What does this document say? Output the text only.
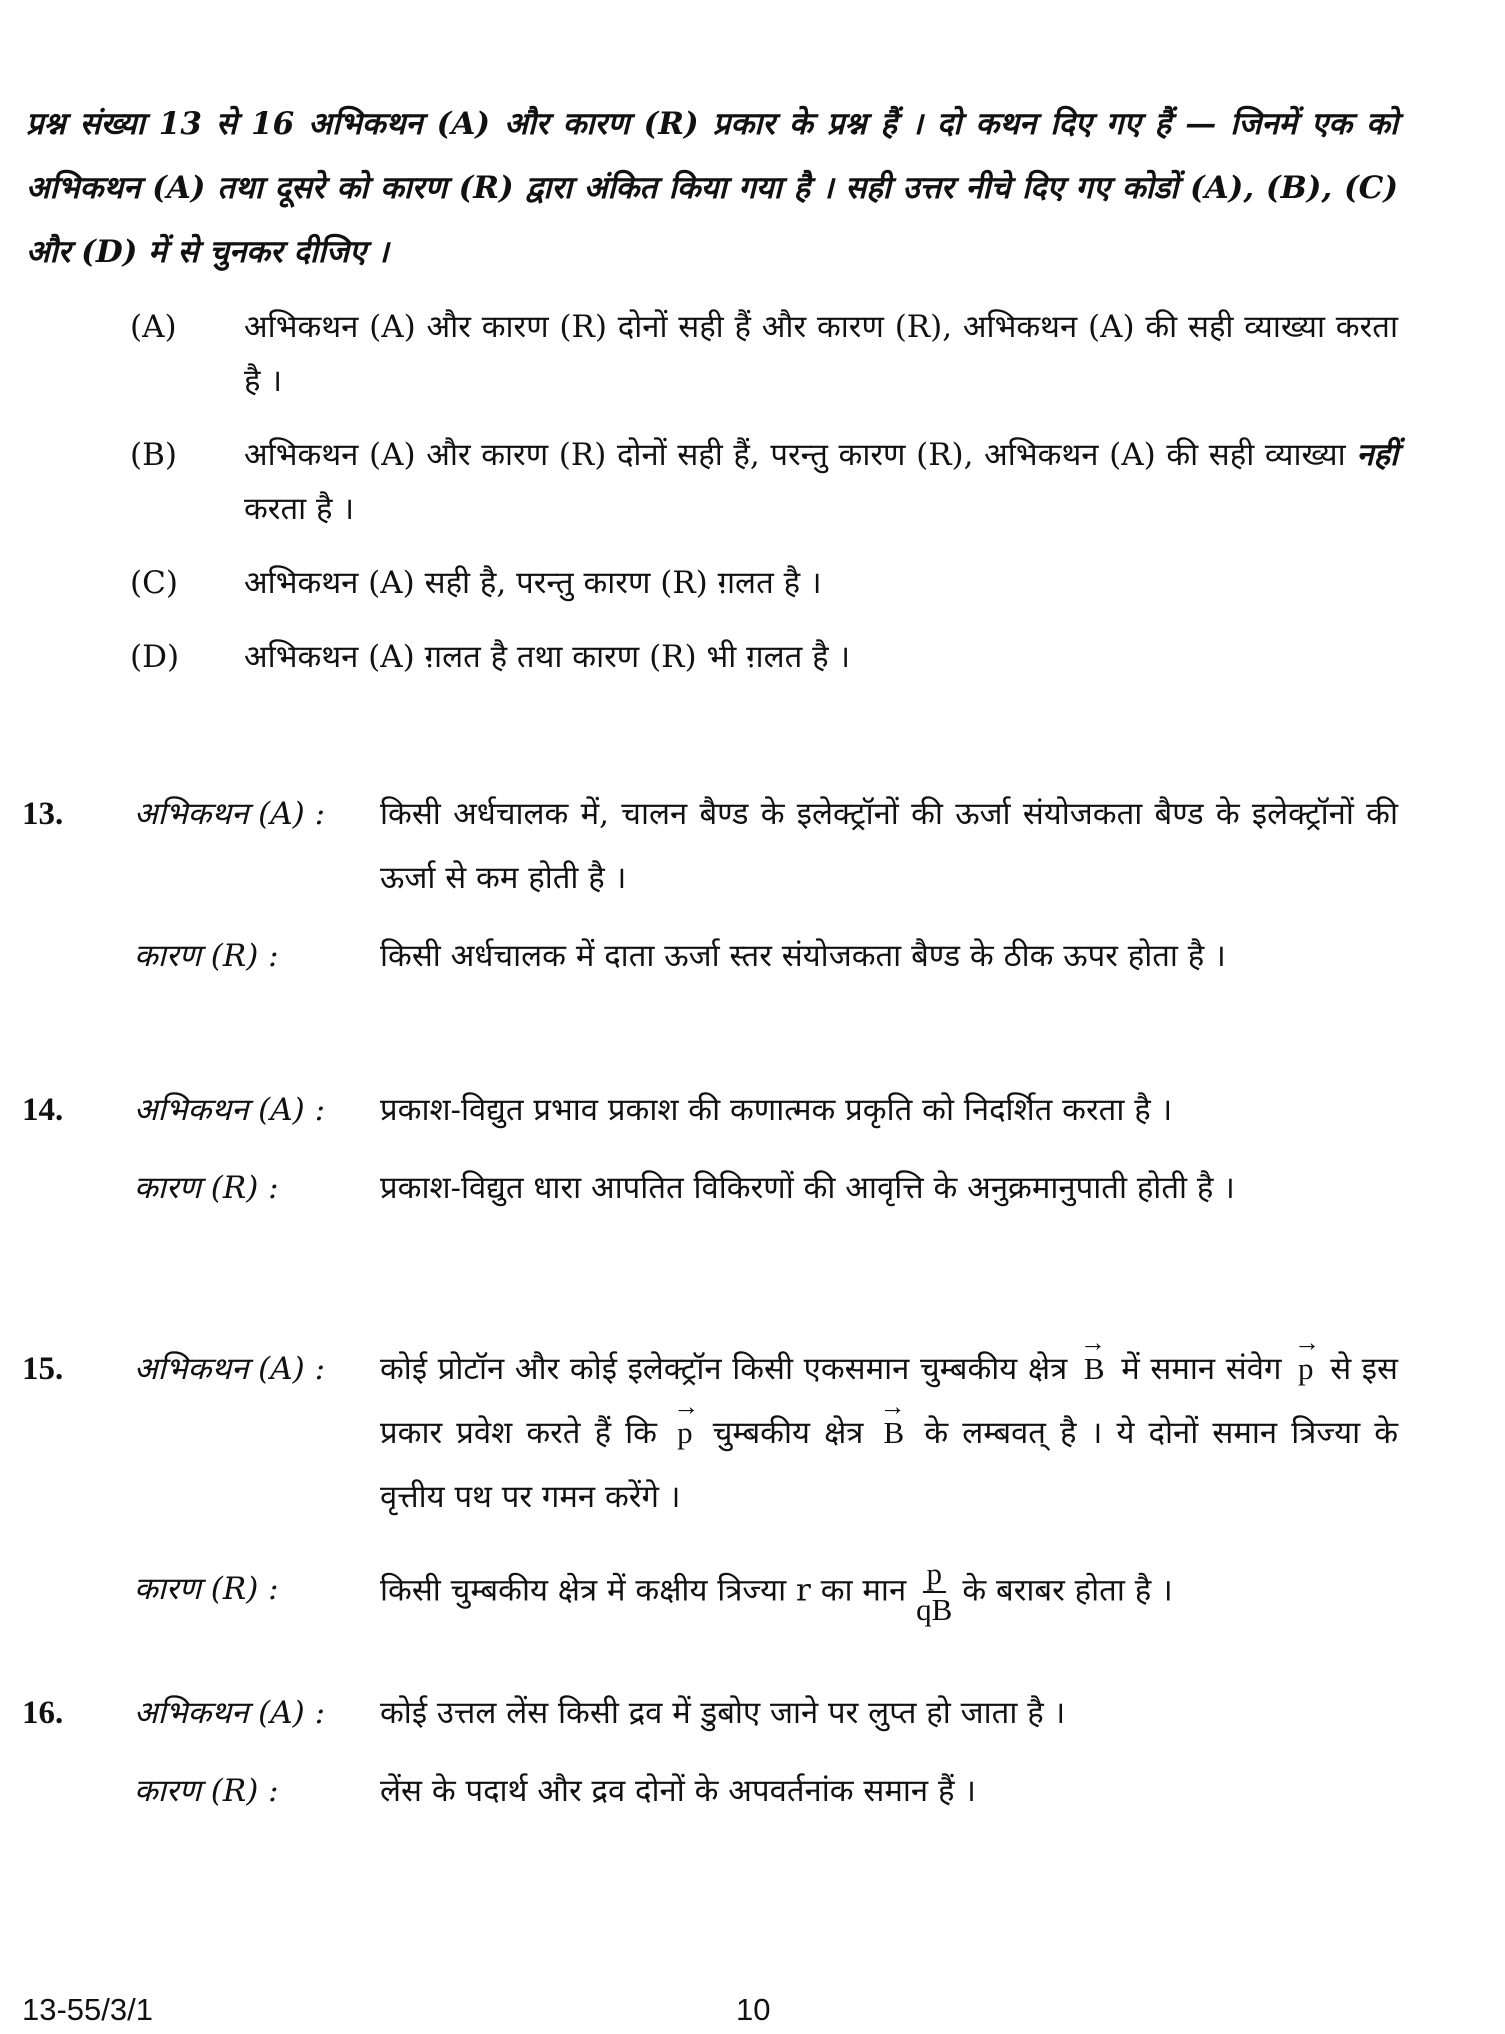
प्रश्न संख्या 13 से 16 अभिकथन (A) और कारण (R) प्रकार के प्रश्न हैं । दो कथन दिए गए हैं — जिनमें एक को अभिकथन (A) तथा दूसरे को कारण (R) द्वारा अंकित किया गया है । सही उत्तर नीचे दिए गए कोडों (A), (B), (C) और (D) में से चुनकर दीजिए ।
(A) अभिकथन (A) और कारण (R) दोनों सही हैं और कारण (R), अभिकथन (A) की सही व्याख्या करता है ।
(B) अभिकथन (A) और कारण (R) दोनों सही हैं, परन्तु कारण (R), अभिकथन (A) की सही व्याख्या नहीं करता है ।
(C) अभिकथन (A) सही है, परन्तु कारण (R) ग़लत है ।
(D) अभिकथन (A) ग़लत है तथा कारण (R) भी ग़लत है ।
13. अभिकथन (A) : किसी अर्धचालक में, चालन बैण्ड के इलेक्ट्रॉनों की ऊर्जा संयोजकता बैण्ड के इलेक्ट्रॉनों की ऊर्जा से कम होती है ।
कारण (R) :	किसी अर्धचालक में दाता ऊर्जा स्तर संयोजकता बैण्ड के ठीक ऊपर होता है ।
14. अभिकथन (A) : प्रकाश-विद्युत प्रभाव प्रकाश की कणात्मक प्रकृति को निदर्शित करता है ।
कारण (R) :	प्रकाश-विद्युत धारा आपतित विकिरणों की आवृत्ति के अनुक्रमानुपाती होती है ।
15. अभिकथन (A) : कोई प्रोटॉन और कोई इलेक्ट्रॉन किसी एकसमान चुम्बकीय क्षेत्र → B में समान संवेग → p से इस प्रकार प्रवेश करते हैं कि → p चुम्बकीय क्षेत्र → B के लम्बवत् है । ये दोनों समान त्रिज्या के वृत्तीय पथ पर गमन करेंगे ।
कारण (R) :	किसी चुम्बकीय क्षेत्र में कक्षीय त्रिज्या r का मान $\frac{p}{qB}$ के बराबर होता है ।
16. अभिकथन (A) : कोई उत्तल लेंस किसी द्रव में डुबोए जाने पर लुप्त हो जाता है ।
कारण (R) :	लेंस के पदार्थ और द्रव दोनों के अपवर्तनांक समान हैं ।
13-55/3/1	10
